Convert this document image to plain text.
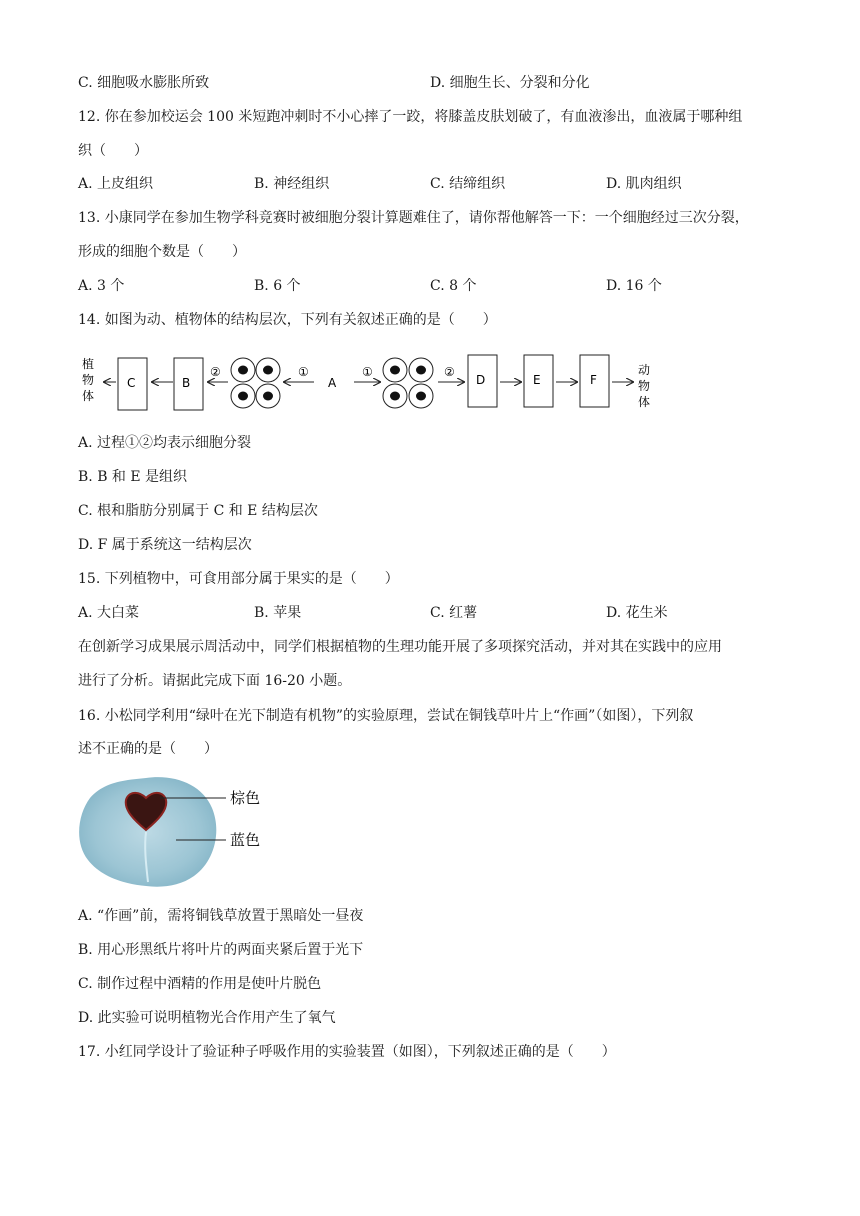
C. 细胞吸水膨胀所致	D. 细胞生长、分裂和分化
12. 你在参加校运会 100 米短跑冲刺时不小心摔了一跤，将膝盖皮肤划破了，有血液渗出，血液属于哪种组
织（　　）
A. 上皮组织	B. 神经组织	C. 结缔组织	D. 肌肉组织
13. 小康同学在参加生物学科竞赛时被细胞分裂计算题难住了，请你帮他解答一下：一个细胞经过三次分裂，
形成的细胞个数是（　　）
A. 3 个	B. 6 个	C. 8 个	D. 16 个
14. 如图为动、植物体的结构层次，下列有关叙述正确的是（　　）
植
物
体
C	B
②	①
A
①	②
D	E	F
动
物
体
A. 过程①②均表示细胞分裂
B. B 和 E 是组织
C. 根和脂肪分别属于 C 和 E 结构层次
D. F 属于系统这一结构层次
15. 下列植物中，可食用部分属于果实的是（　　）
A. 大白菜	B. 苹果	C. 红薯	D. 花生米
在创新学习成果展示周活动中，同学们根据植物的生理功能开展了多项探究活动，并对其在实践中的应用
进行了分析。请据此完成下面 16-20 小题。
16. 小松同学利用“绿叶在光下制造有机物”的实验原理，尝试在铜钱草叶片上“作画”（如图），下列叙
述不正确的是（　　）
棕色
蓝色
A. “作画”前，需将铜钱草放置于黑暗处一昼夜
B. 用心形黑纸片将叶片的两面夹紧后置于光下
C. 制作过程中酒精的作用是使叶片脱色
D. 此实验可说明植物光合作用产生了氧气
17. 小红同学设计了验证种子呼吸作用的实验装置（如图），下列叙述正确的是（　　）
